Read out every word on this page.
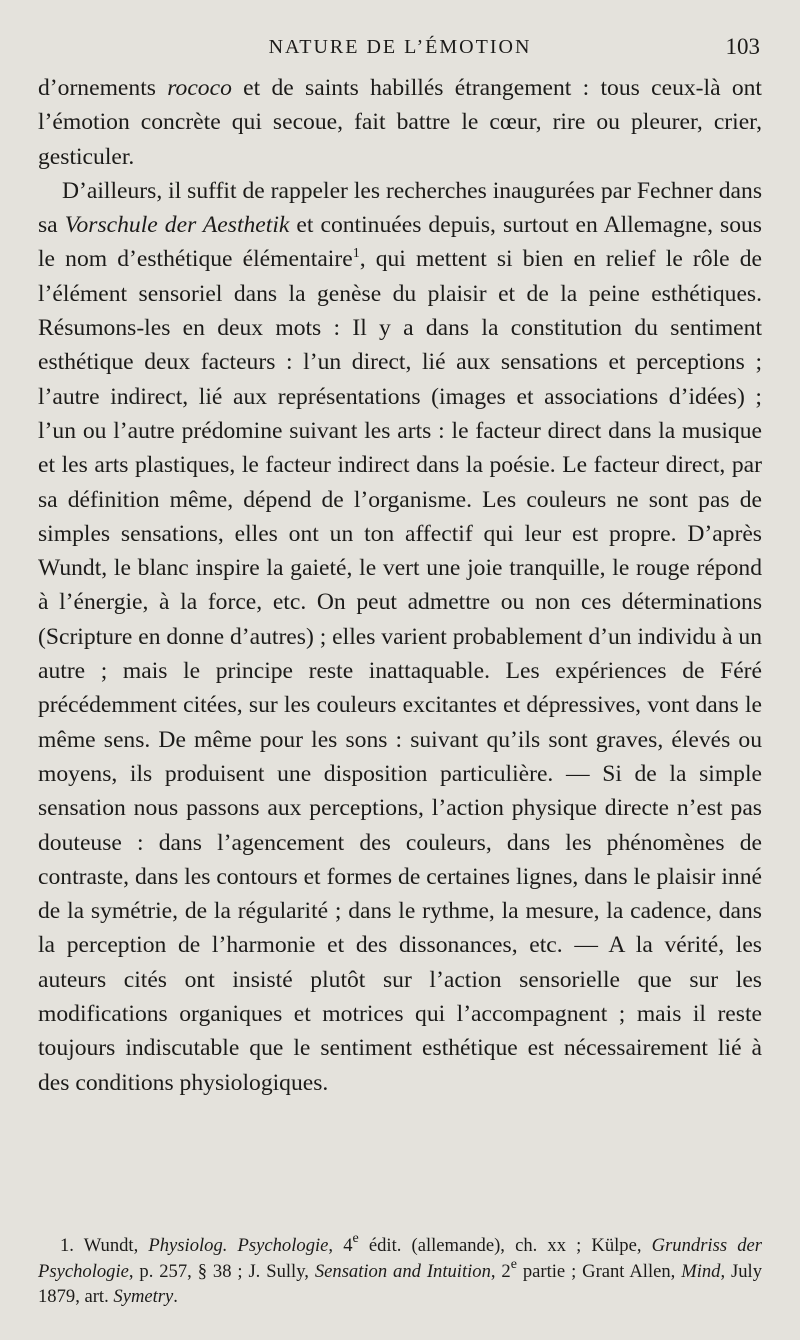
NATURE DE L’ÉMOTION	103

d’ornements rococo et de saints habillés étrangement : tous ceux-là ont l’émotion concrète qui secoue, fait battre le cœur, rire ou pleurer, crier, gesticuler.

D’ailleurs, il suffit de rappeler les recherches inaugurées par Fechner dans sa Vorschule der Aesthetik et continuées depuis, surtout en Allemagne, sous le nom d’esthétique élémentaire$^1$, qui mettent si bien en relief le rôle de l’élément sensoriel dans la genèse du plaisir et de la peine esthétiques. Résumons-les en deux mots : Il y a dans la constitution du sentiment esthétique deux facteurs : l’un direct, lié aux sensations et perceptions ; l’autre indirect, lié aux représentations (images et associations d’idées) ; l’un ou l’autre prédomine suivant les arts : le facteur direct dans la musique et les arts plastiques, le facteur indirect dans la poésie. Le facteur direct, par sa définition même, dépend de l’organisme. Les couleurs ne sont pas de simples sensations, elles ont un ton affectif qui leur est propre. D’après Wundt, le blanc inspire la gaieté, le vert une joie tranquille, le rouge répond à l’énergie, à la force, etc. On peut admettre ou non ces déterminations (Scripture en donne d’autres) ; elles varient probablement d’un individu à un autre ; mais le principe reste inattaquable. Les expériences de Féré précédemment citées, sur les couleurs excitantes et dépressives, vont dans le même sens. De même pour les sons : suivant qu’ils sont graves, élevés ou moyens, ils produisent une disposition particulière. — Si de la simple sensation nous passons aux perceptions, l’action physique directe n’est pas douteuse : dans l’agencement des couleurs, dans les phénomènes de contraste, dans les contours et formes de certaines lignes, dans le plaisir inné de la symétrie, de la régularité ; dans le rythme, la mesure, la cadence, dans la perception de l’harmonie et des dissonances, etc. — A la vérité, les auteurs cités ont insisté plutôt sur l’action sensorielle que sur les modifications organiques et motrices qui l’accompagnent ; mais il reste toujours indiscutable que le sentiment esthétique est nécessairement lié à des conditions physiologiques.

1. Wundt, Physiolog. Psychologie, 4e édit. (allemande), ch. xx ; Külpe, Grundriss der Psychologie, p. 257, § 38 ; J. Sully, Sensation and Intuition, 2e partie ; Grant Allen, Mind, July 1879, art. Symetry.
